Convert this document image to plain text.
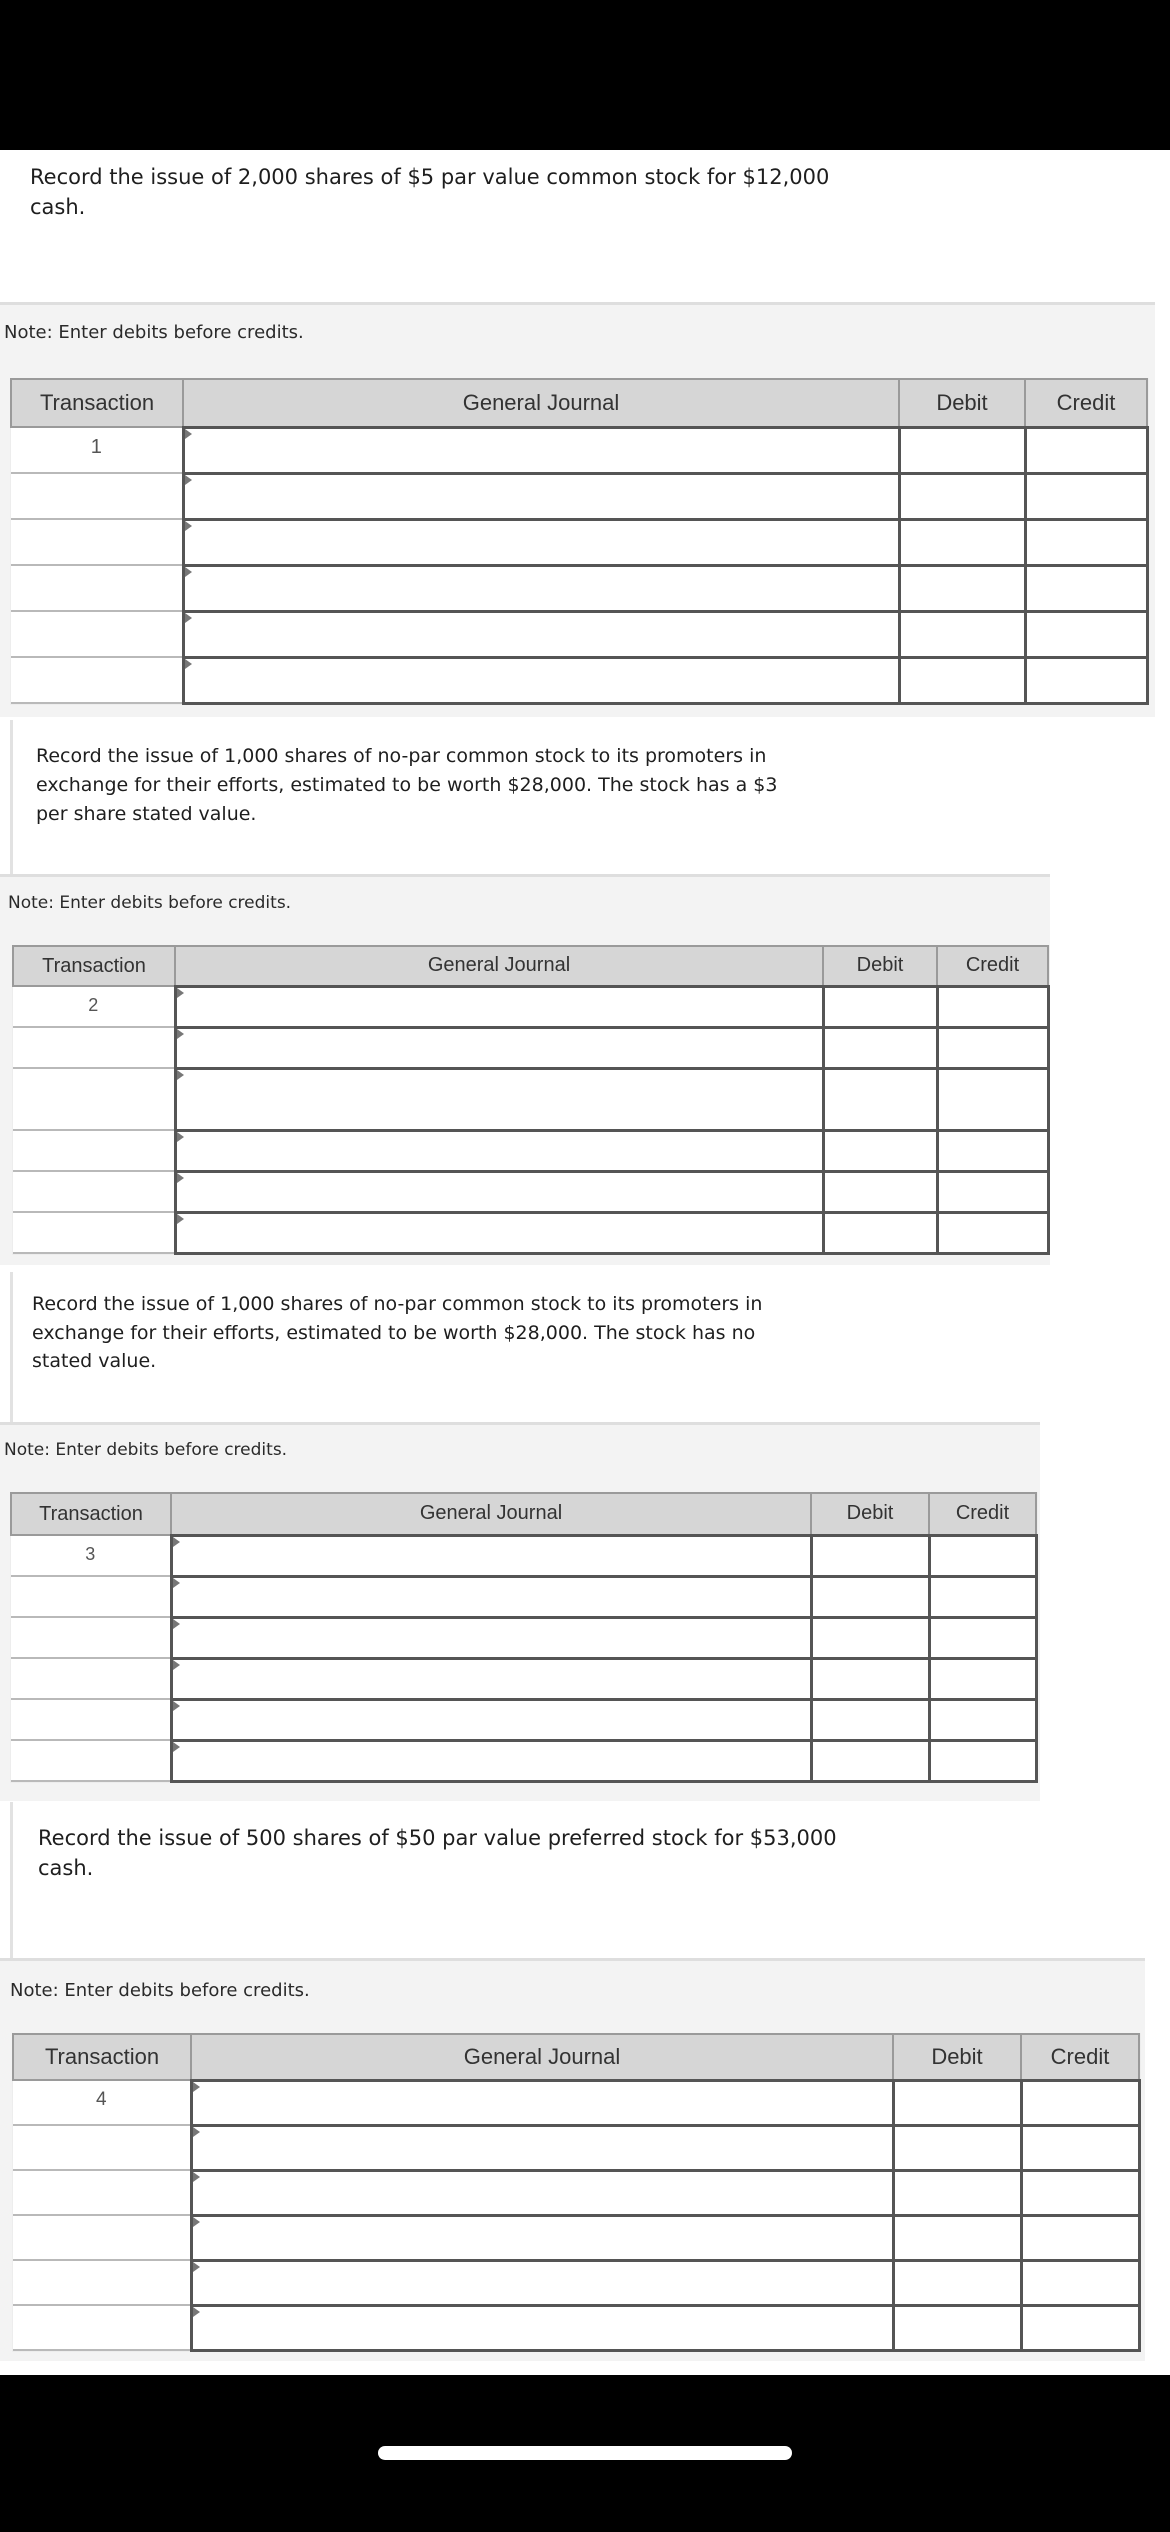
Record the issue of 2,000 shares of $5 par value common stock for $12,000
cash.
Note: Enter debits before credits.
Transaction	General Journal	Debit	Credit
1	

Record the issue of 1,000 shares of no-par common stock to its promoters in
exchange for their efforts, estimated to be worth $28,000. The stock has a $3
per share stated value.
Note: Enter debits before credits.
Transaction	General Journal	Debit	Credit
2	

Record the issue of 1,000 shares of no-par common stock to its promoters in
exchange for their efforts, estimated to be worth $28,000. The stock has no
stated value.
Note: Enter debits before credits.
Transaction	General Journal	Debit	Credit
3	

Record the issue of 500 shares of $50 par value preferred stock for $53,000
cash.
Note: Enter debits before credits.
Transaction	General Journal	Debit	Credit
4	
